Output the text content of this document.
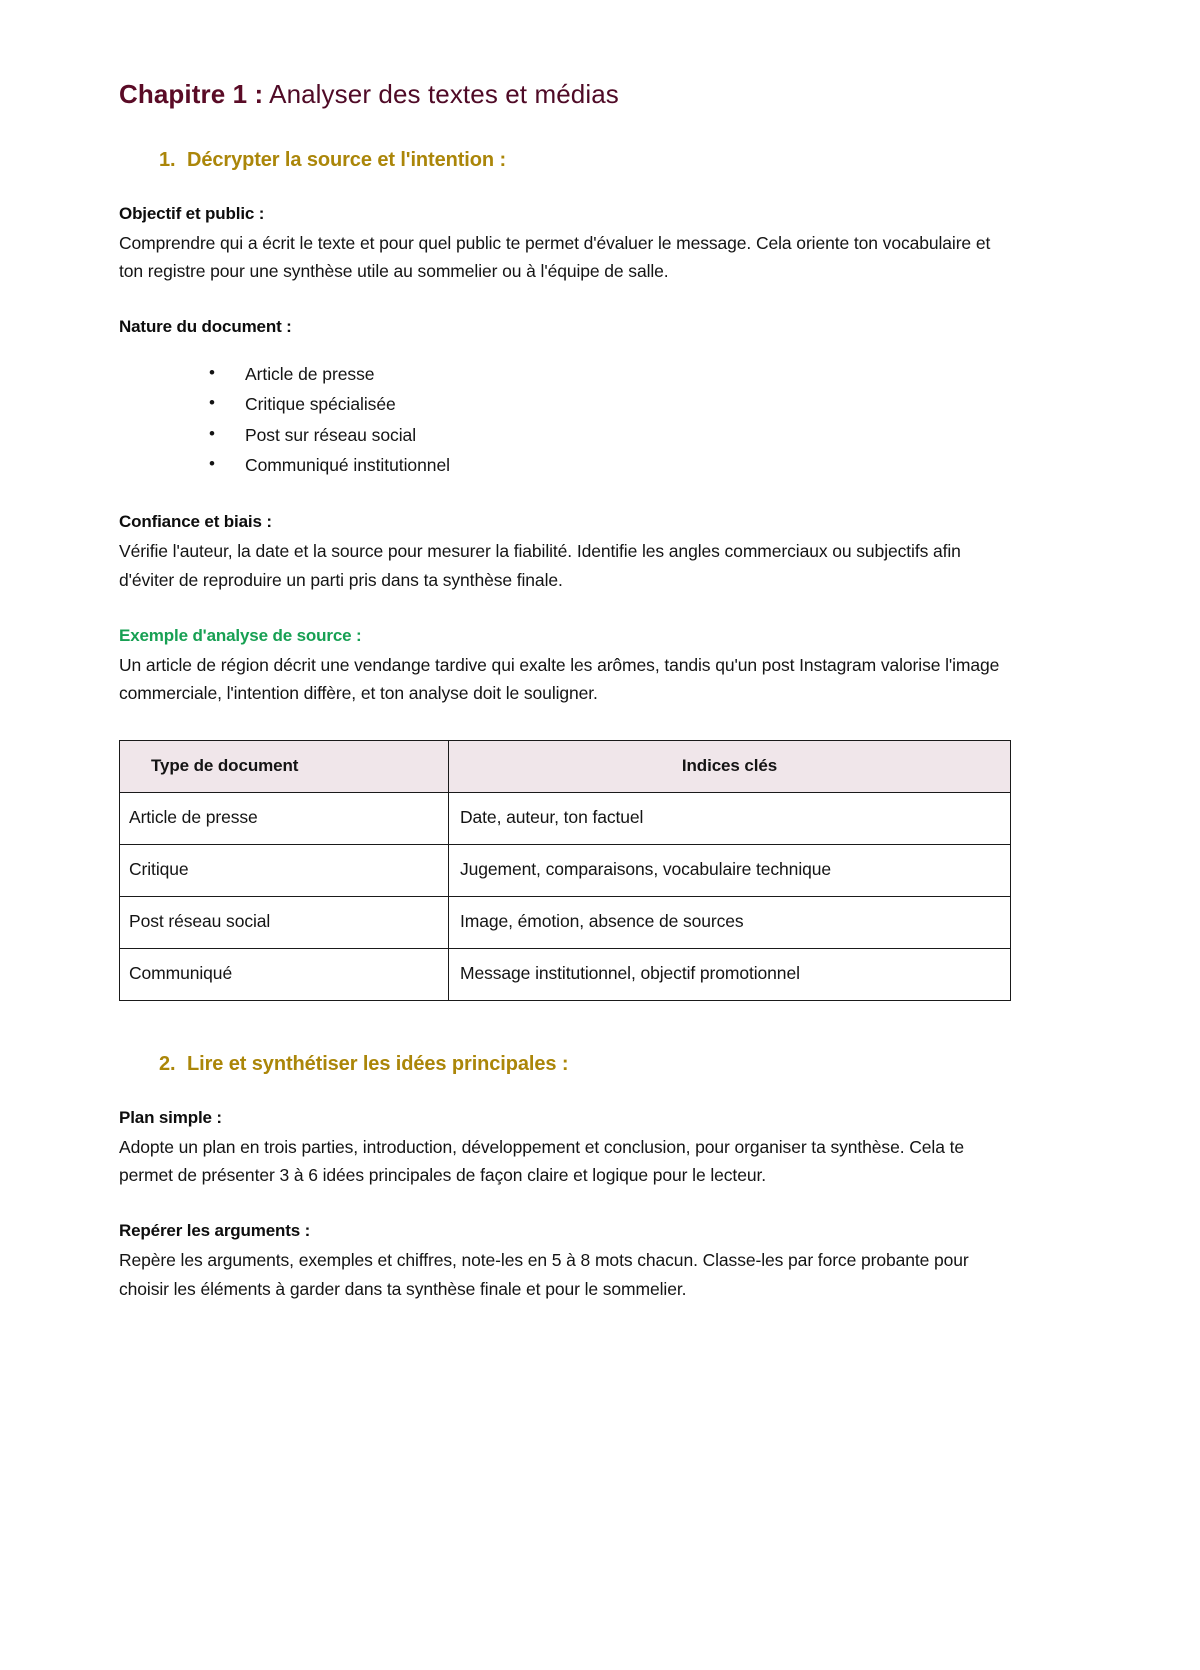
Chapitre 1 : Analyser des textes et médias
1. Décrypter la source et l'intention :
Objectif et public :

Comprendre qui a écrit le texte et pour quel public te permet d'évaluer le message. Cela oriente ton vocabulaire et ton registre pour une synthèse utile au sommelier ou à l'équipe de salle.

Nature du document :
• Article de presse
• Critique spécialisée
• Post sur réseau social
• Communiqué institutionnel
Confiance et biais :

Vérifie l'auteur, la date et la source pour mesurer la fiabilité. Identifie les angles commerciaux ou subjectifs afin d'éviter de reproduire un parti pris dans ta synthèse finale.

Exemple d'analyse de source :

Un article de région décrit une vendange tardive qui exalte les arômes, tandis qu'un post Instagram valorise l'image commerciale, l'intention diffère, et ton analyse doit le souligner.

Type de document	Indices clés
Article de presse	Date, auteur, ton factuel
Critique	Jugement, comparaisons, vocabulaire technique
Post réseau social	Image, émotion, absence de sources
Communiqué	Message institutionnel, objectif promotionnel
2. Lire et synthétiser les idées principales :
Plan simple :

Adopte un plan en trois parties, introduction, développement et conclusion, pour organiser ta synthèse. Cela te permet de présenter 3 à 6 idées principales de façon claire et logique pour le lecteur.

Repérer les arguments :

Repère les arguments, exemples et chiffres, note-les en 5 à 8 mots chacun. Classe-les par force probante pour choisir les éléments à garder dans ta synthèse finale et pour le sommelier.
